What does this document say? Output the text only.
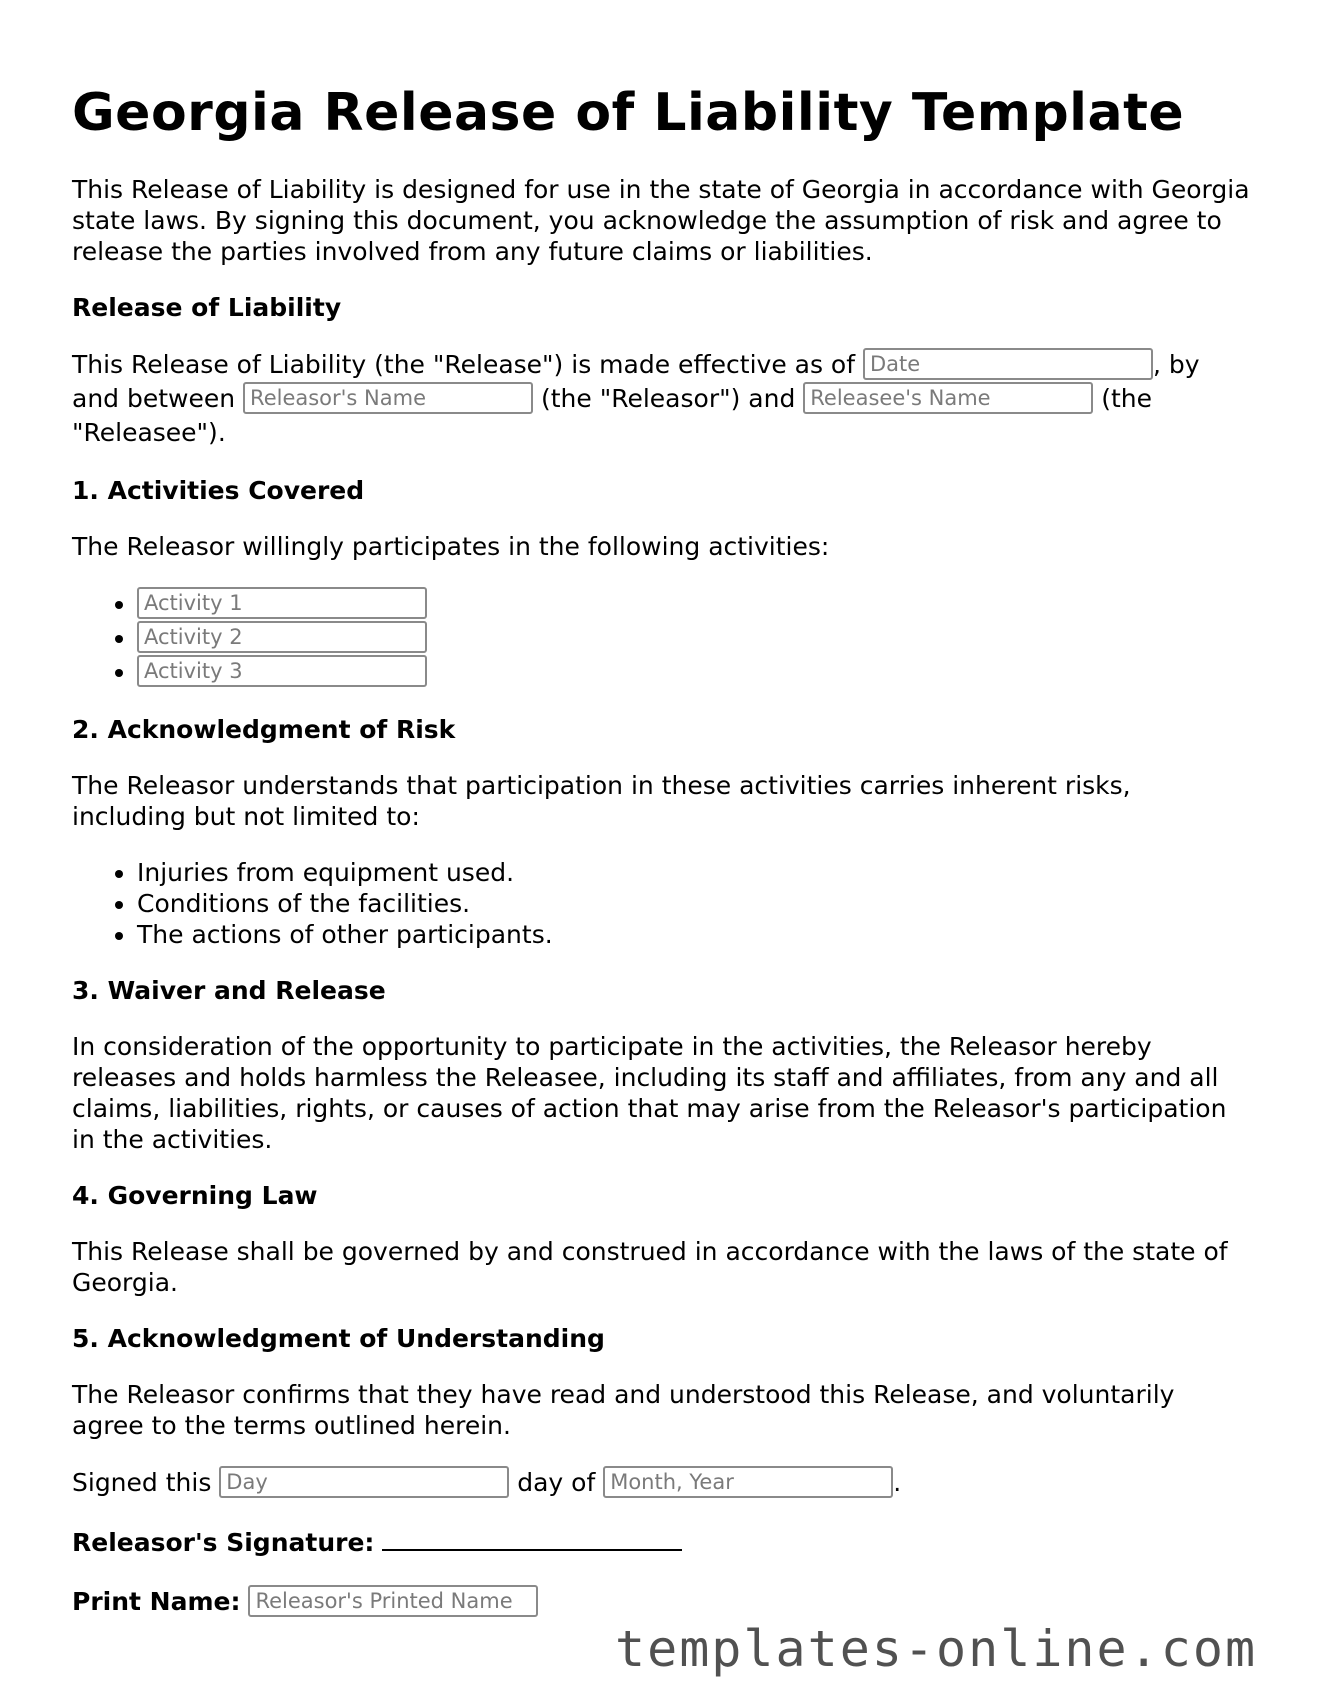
Georgia Release of Liability Template

This Release of Liability is designed for use in the state of Georgia in accordance with Georgia state laws. By signing this document, you acknowledge the assumption of risk and agree to release the parties involved from any future claims or liabilities.

Release of Liability
This Release of Liability (the "Release") is made effective as of Date	, by and between Releasor's Name	(the "Releasor") and Releasee's Name	(the "Releasee").
1. Activities Covered

The Releasor willingly participates in the following activities:

• Activity 1
• Activity 2
• Activity 3
2. Acknowledgment of Risk

The Releasor understands that participation in these activities carries inherent risks, including but not limited to:

• Injuries from equipment used.
• Conditions of the facilities.
• The actions of other participants.
3. Waiver and Release

In consideration of the opportunity to participate in the activities, the Releasor hereby releases and holds harmless the Releasee, including its staff and affiliates, from any and all claims, liabilities, rights, or causes of action that may arise from the Releasor's participation in the activities.

4. Governing Law

This Release shall be governed by and construed in accordance with the laws of the state of Georgia.

5. Acknowledgment of Understanding

The Releasor confirms that they have read and understood this Release, and voluntarily agree to the terms outlined herein.

Signed this Day	day of Month, Year	.
Releasor's Signature:
Print Name: Releasor's Printed Name
templates-online.com
